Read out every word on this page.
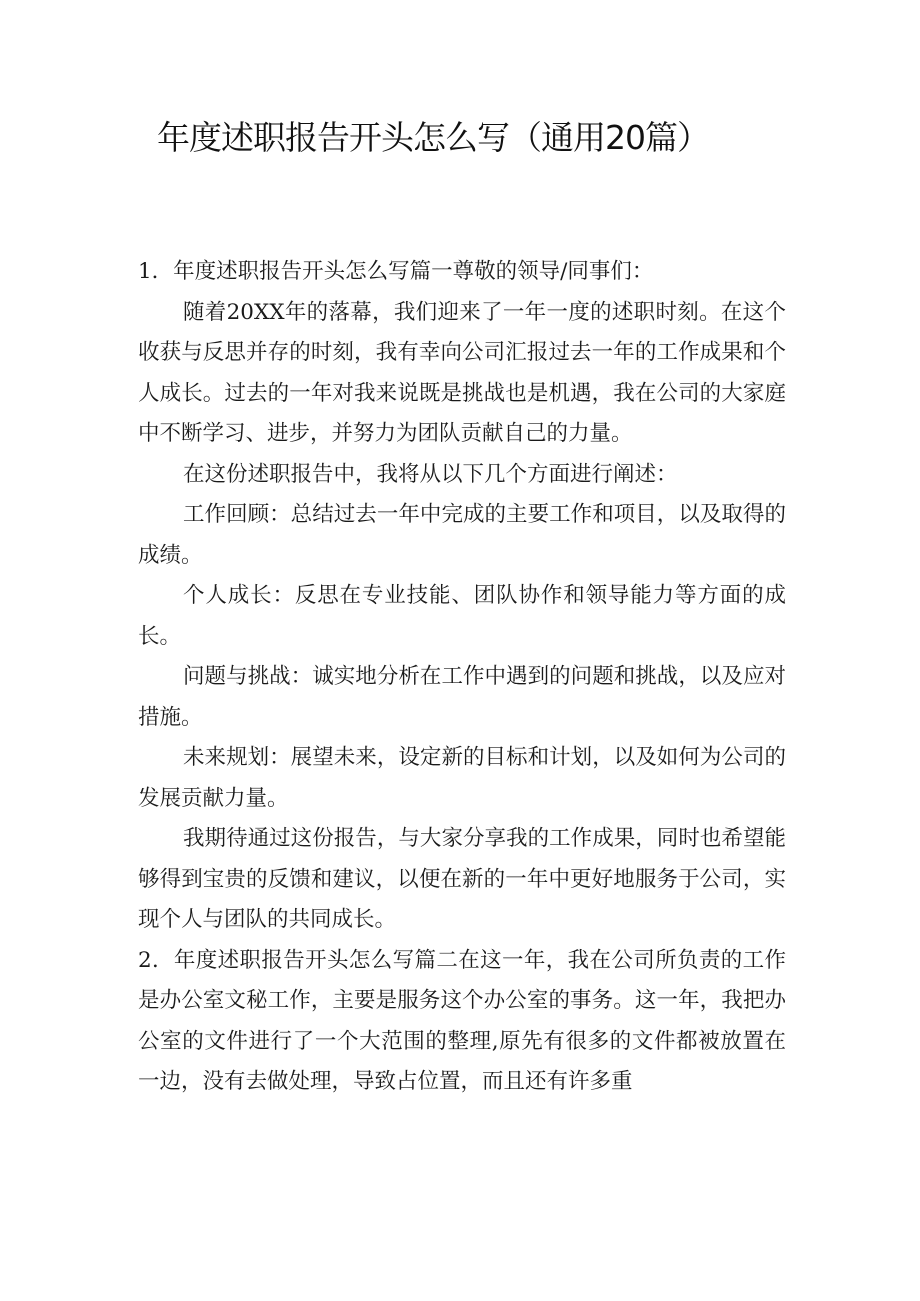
年度述职报告开头怎么写（通用20篇）

1．年度述职报告开头怎么写篇一尊敬的领导/同事们：

随着20XX年的落幕，我们迎来了一年一度的述职时刻。在这个收获与反思并存的时刻，我有幸向公司汇报过去一年的工作成果和个人成长。过去的一年对我来说既是挑战也是机遇，我在公司的大家庭中不断学习、进步，并努力为团队贡献自己的力量。

在这份述职报告中，我将从以下几个方面进行阐述：

工作回顾：总结过去一年中完成的主要工作和项目，以及取得的成绩。

个人成长：反思在专业技能、团队协作和领导能力等方面的成长。

问题与挑战：诚实地分析在工作中遇到的问题和挑战，以及应对措施。

未来规划：展望未来，设定新的目标和计划，以及如何为公司的发展贡献力量。

我期待通过这份报告，与大家分享我的工作成果，同时也希望能够得到宝贵的反馈和建议，以便在新的一年中更好地服务于公司，实现个人与团队的共同成长。

2．年度述职报告开头怎么写篇二在这一年，我在公司所负责的工作是办公室文秘工作，主要是服务这个办公室的事务。这一年，我把办公室的文件进行了一个大范围的整理,原先有很多的文件都被放置在一边，没有去做处理，导致占位置，而且还有许多重
